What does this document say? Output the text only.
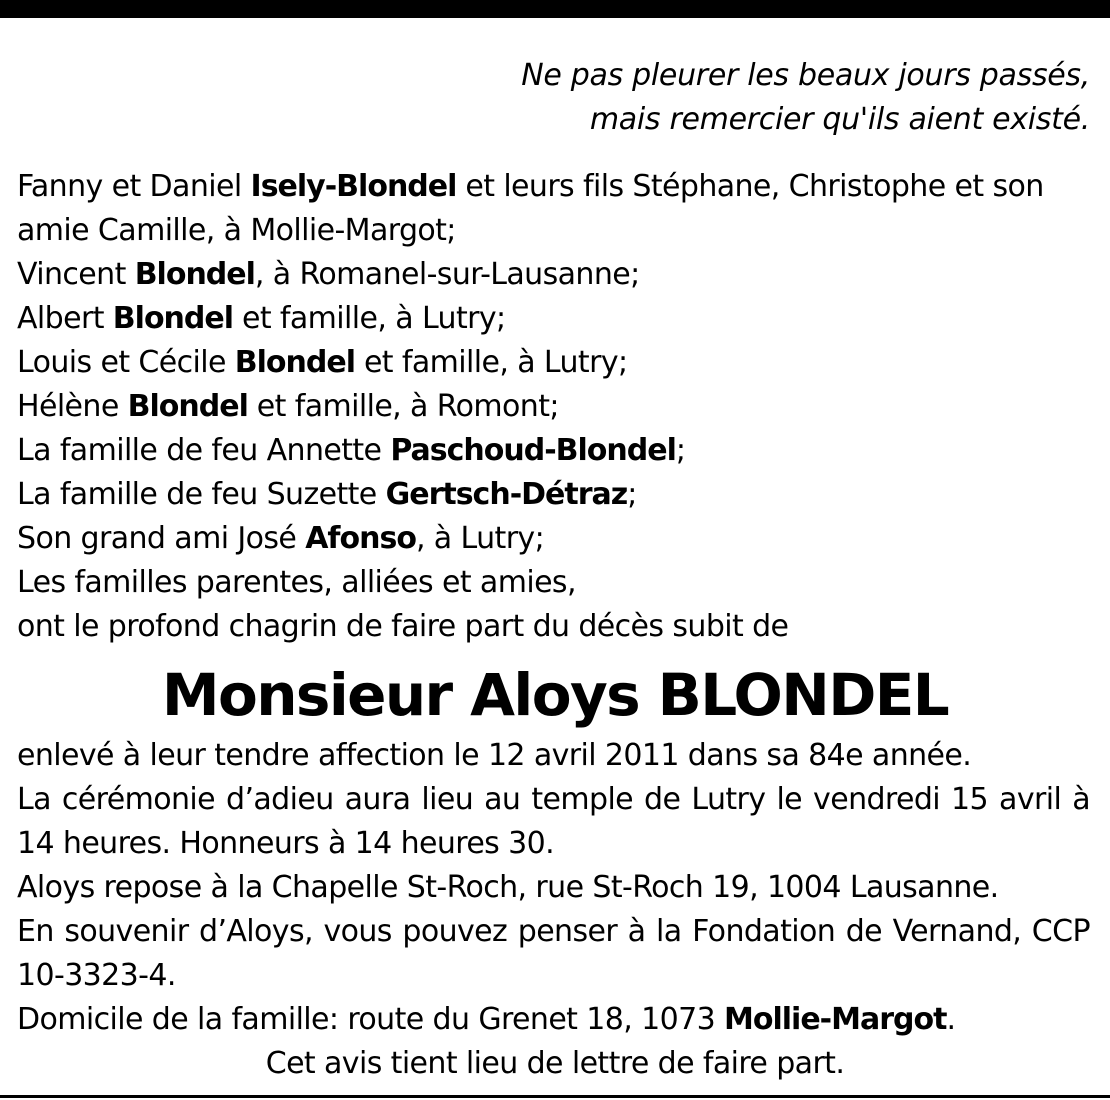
Ne pas pleurer les beaux jours passés,
mais remercier qu'ils aient existé.
Fanny et Daniel Isely-Blondel et leurs fils Stéphane, Christophe et son amie Camille, à Mollie-Margot;
Vincent Blondel, à Romanel-sur-Lausanne;
Albert Blondel et famille, à Lutry;
Louis et Cécile Blondel et famille, à Lutry;
Hélène Blondel et famille, à Romont;
La famille de feu Annette Paschoud-Blondel;
La famille de feu Suzette Gertsch-Détraz;
Son grand ami José Afonso, à Lutry;
Les familles parentes, alliées et amies,
ont le profond chagrin de faire part du décès subit de
Monsieur Aloys BLONDEL

enlevé à leur tendre affection le 12 avril 2011 dans sa 84e année.

La cérémonie d’adieu aura lieu au temple de Lutry le vendredi 15 avril à 14 heures. Honneurs à 14 heures 30.

Aloys repose à la Chapelle St-Roch, rue St-Roch 19, 1004 Lausanne.

En souvenir d’Aloys, vous pouvez penser à la Fondation de Vernand, CCP 10-3323-4.

Domicile de la famille: route du Grenet 18, 1073 Mollie-Margot.

Cet avis tient lieu de lettre de faire part.
